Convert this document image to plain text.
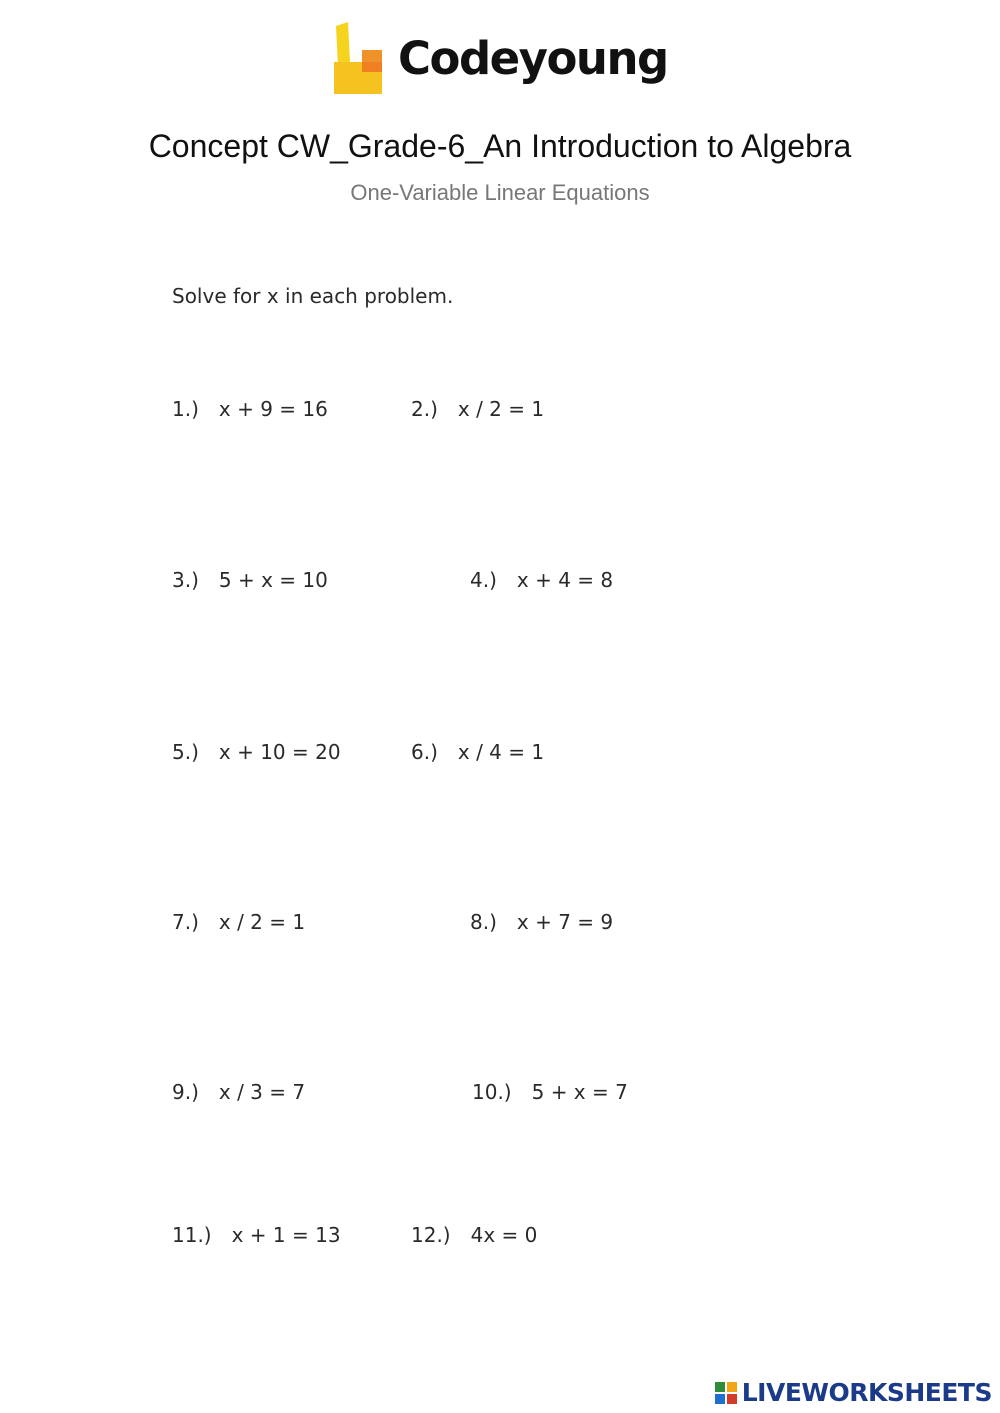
Codeyoung
Concept CW_Grade-6_An Introduction to Algebra
One-Variable Linear Equations
Solve for x in each problem.
1.) x + 9 = 16	2.) x / 2 = 1
3.) 5 + x = 10	4.) x + 4 = 8
5.) x + 10 = 20	6.) x / 4 = 1
7.) x / 2 = 1	8.) x + 7 = 9
9.) x / 3 = 7	10.) 5 + x = 7
11.) x + 1 = 13	12.) 4x = 0
LIVEWORKSHEETS
